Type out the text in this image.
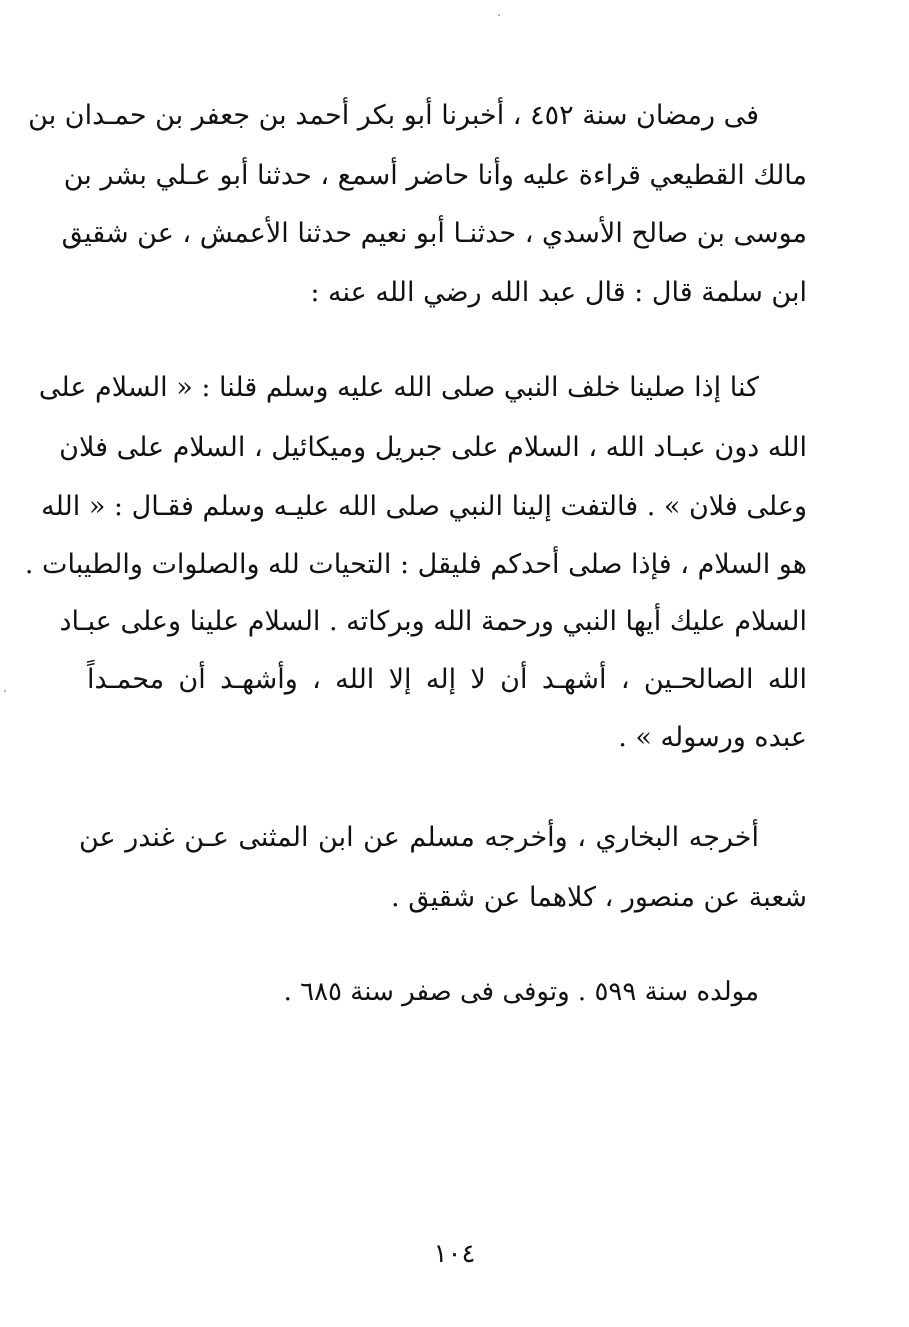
فى رمضان سنة ٤٥٢ ، أخبرنا أبو بكر أحمد بن جعفر بن حمـدان بن
مالك القطيعي قراءة عليه وأنا حاضر أسمع ، حدثنا أبو عـلي بشر بن
موسى بن صالح الأسدي ، حدثنـا أبو نعيم حدثنا الأعمش ، عن شقيق
ابن سلمة قال : قال عبد الله رضي الله عنه :
كنا إذا صلينا خلف النبي صلى الله عليه وسلم قلنا : « السلام على
الله دون عبـاد الله ، السلام على جبريل وميكائيل ، السلام على فلان
وعلى فلان » . فالتفت إلينا النبي صلى الله عليـه وسلم فقـال : « الله
هو السلام ، فإذا صلى أحدكم فليقل : التحيات لله والصلوات والطيبات .
السلام عليك أيها النبي ورحمة الله وبركاته . السلام علينا وعلى عبـاد
الله الصالحـين ، أشهـد أن لا إله إلا الله ، وأشهـد أن محمـداً
عبده ورسوله » .
أخرجه البخاري ، وأخرجه مسلم عن ابن المثنى عـن غندر عن
شعبة عن منصور ، كلاهما عن شقيق .
مولده سنة ٥٩٩ . وتوفى فى صفر سنة ٦٨٥ .
١٠٤
